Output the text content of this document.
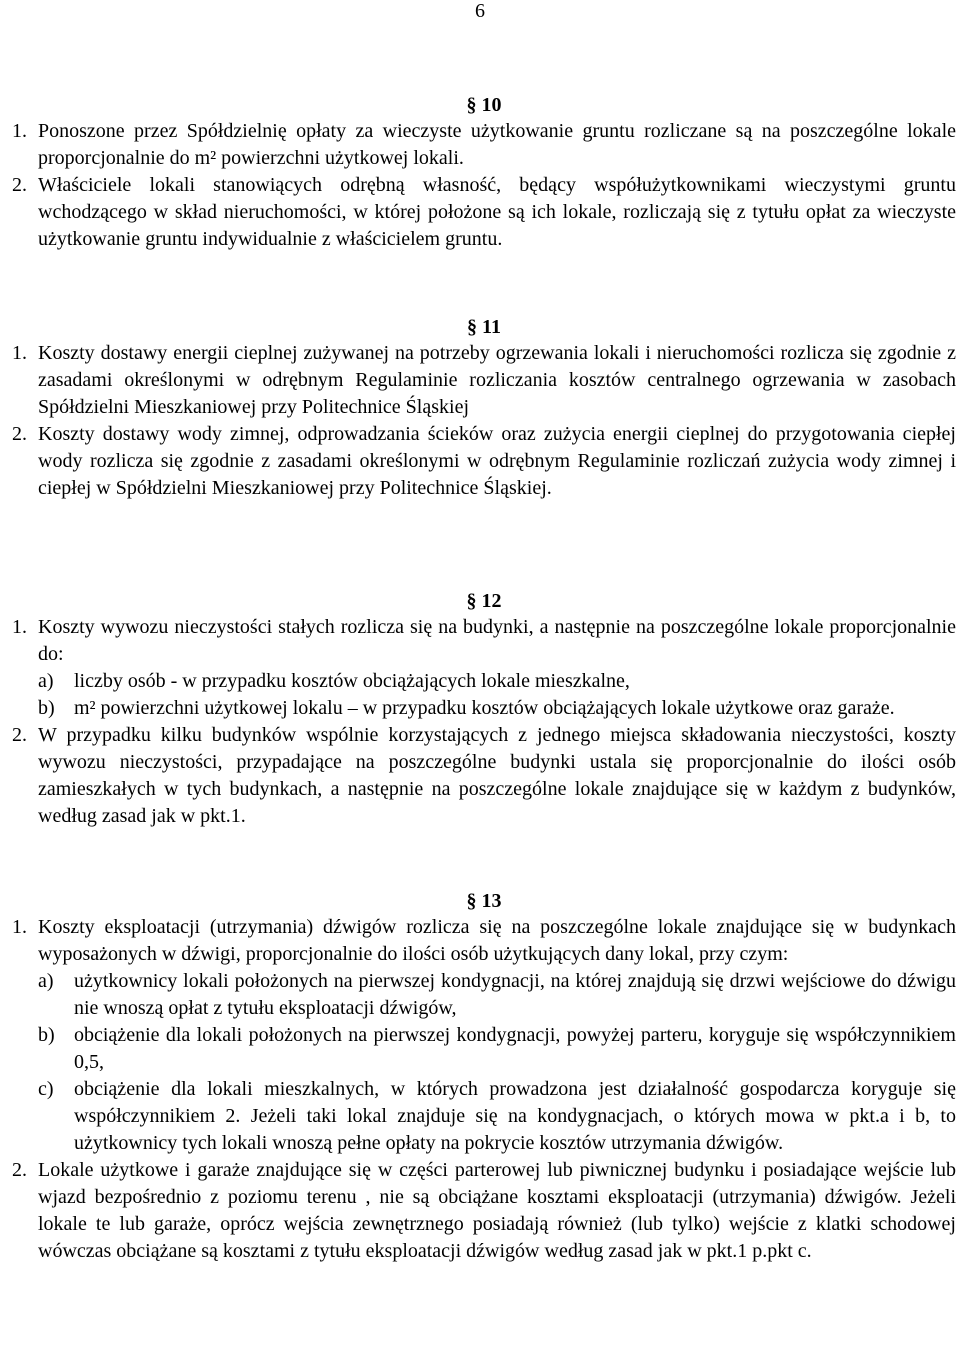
6
§ 10
1. Ponoszone przez Spółdzielnię opłaty za wieczyste użytkowanie gruntu rozliczane są na poszczególne lokale proporcjonalnie do m² powierzchni użytkowej lokali.
2. Właściciele lokali stanowiących odrębną własność, będący współużytkownikami wieczystymi gruntu wchodzącego w skład nieruchomości, w której położone są ich lokale, rozliczają się z tytułu opłat za wieczyste użytkowanie gruntu indywidualnie z właścicielem gruntu.
§ 11
1. Koszty dostawy energii cieplnej zużywanej na potrzeby ogrzewania lokali i nieruchomości rozlicza się zgodnie z zasadami określonymi w odrębnym Regulaminie rozliczania kosztów centralnego ogrzewania w zasobach Spółdzielni Mieszkaniowej przy Politechnice Śląskiej
2. Koszty dostawy wody zimnej, odprowadzania ścieków oraz zużycia energii cieplnej do przygotowania ciepłej wody rozlicza się zgodnie z zasadami określonymi w odrębnym Regulaminie rozliczań zużycia wody zimnej i ciepłej w Spółdzielni Mieszkaniowej przy Politechnice Śląskiej.
§ 12
1. Koszty wywozu nieczystości stałych rozlicza się na budynki, a następnie na poszczególne lokale proporcjonalnie do:
a) liczby osób - w przypadku kosztów obciążających lokale mieszkalne,
b) m² powierzchni użytkowej lokalu – w przypadku kosztów obciążających lokale użytkowe oraz garaże.
2. W przypadku kilku budynków wspólnie korzystających z jednego miejsca składowania nieczystości, koszty wywozu nieczystości, przypadające na poszczególne budynki ustala się proporcjonalnie do ilości osób zamieszkałych w tych budynkach, a następnie na poszczególne lokale znajdujące się w każdym z budynków, według zasad jak w pkt.1.
§ 13
1. Koszty eksploatacji (utrzymania) dźwigów rozlicza się na poszczególne lokale znajdujące się w budynkach wyposażonych w dźwigi, proporcjonalnie do ilości osób użytkujących dany lokal, przy czym:
a) użytkownicy lokali położonych na pierwszej kondygnacji, na której znajdują się drzwi wejściowe do dźwigu nie wnoszą opłat z tytułu eksploatacji dźwigów,
b) obciążenie dla lokali położonych na pierwszej kondygnacji, powyżej parteru, koryguje się współczynnikiem 0,5,
c) obciążenie dla lokali mieszkalnych, w których prowadzona jest działalność gospodarcza koryguje się współczynnikiem 2. Jeżeli taki lokal znajduje się na kondygnacjach, o których mowa w pkt.a i b, to użytkownicy tych lokali wnoszą pełne opłaty na pokrycie kosztów utrzymania dźwigów.
2. Lokale użytkowe i garaże znajdujące się w części parterowej lub piwnicznej budynku i posiadające wejście lub wjazd bezpośrednio z poziomu terenu , nie są obciążane kosztami eksploatacji (utrzymania) dźwigów. Jeżeli lokale te lub garaże, oprócz wejścia zewnętrznego posiadają również (lub tylko) wejście z klatki schodowej wówczas obciążane są kosztami z tytułu eksploatacji dźwigów według zasad jak w pkt.1 p.pkt c.
